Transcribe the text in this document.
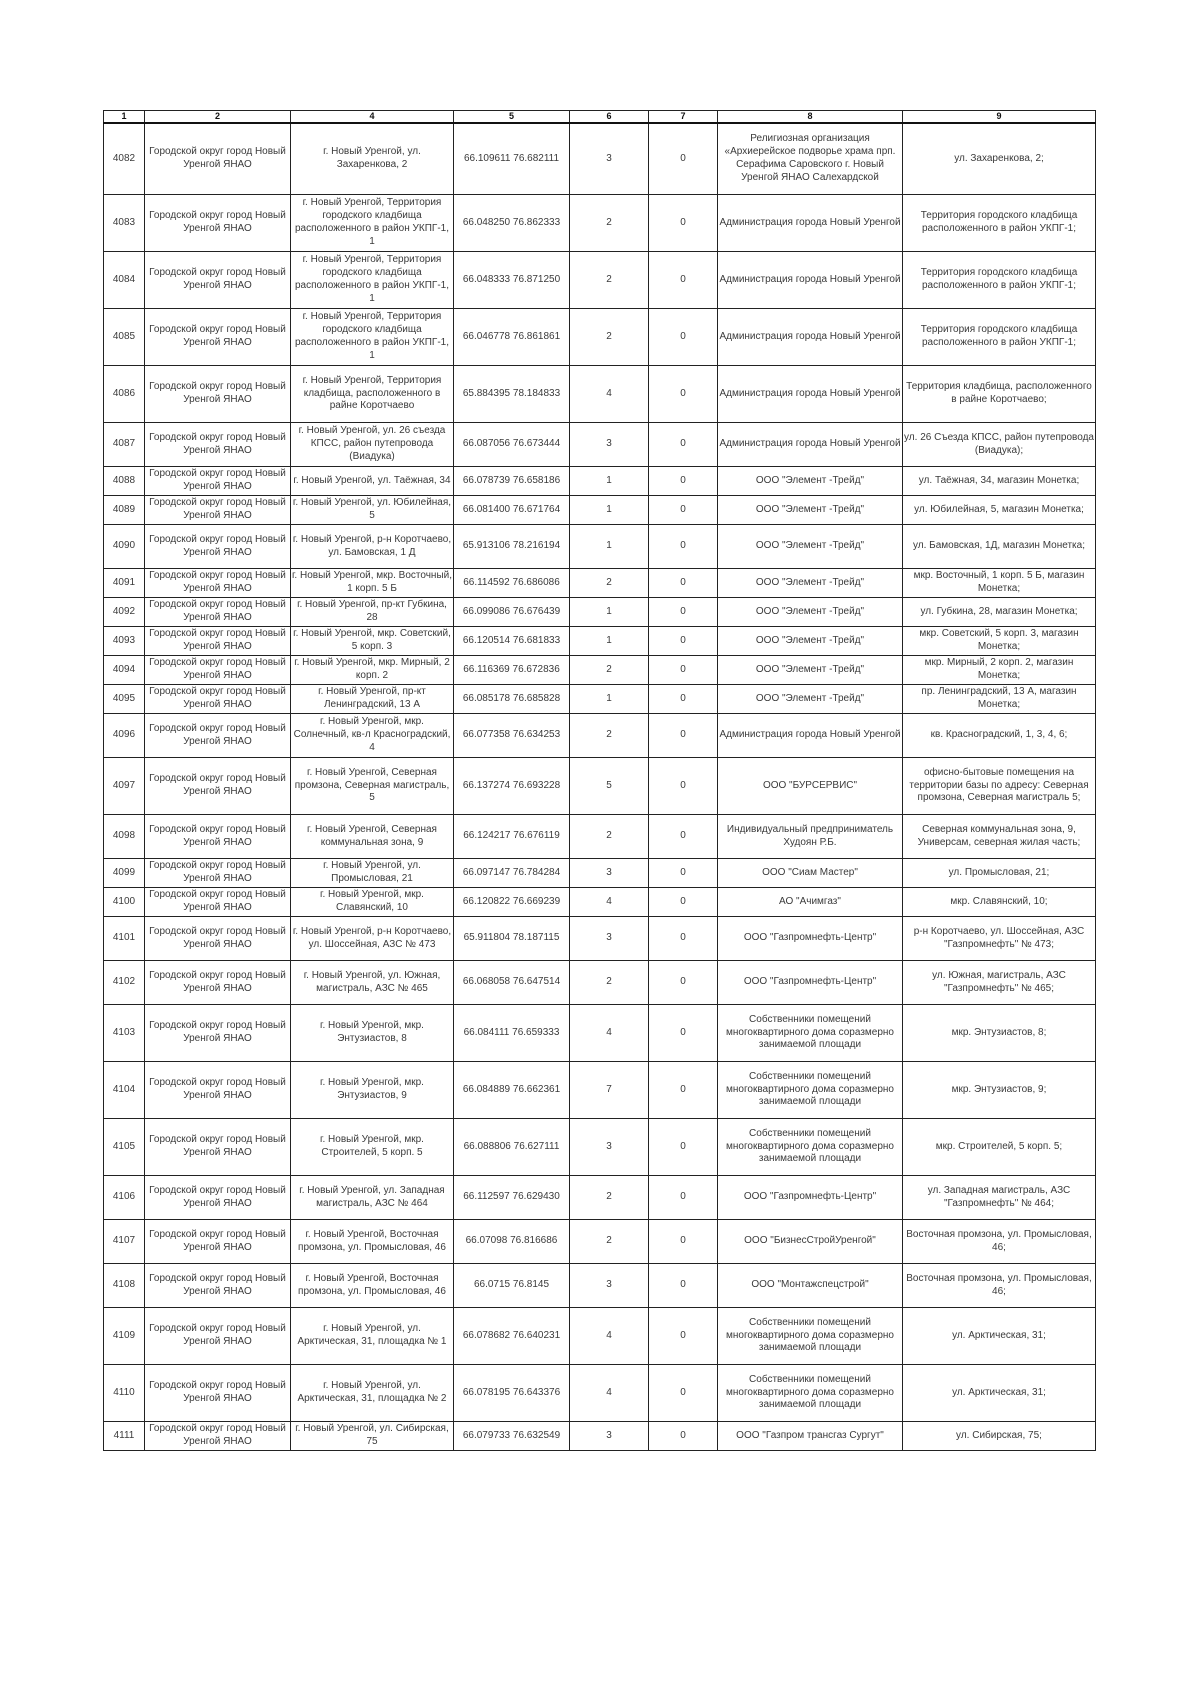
1	2	4	5	6	7	8	9
4082	Городской округ город Новый Уренгой ЯНАО	г. Новый Уренгой, ул. Захаренкова, 2	66.109611 76.682111	3	0	Религиозная организация «Архиерейское подворье храма прп. Серафима Саровского г. Новый Уренгой ЯНАО Салехардской	ул. Захаренкова, 2;
4083	Городской округ город Новый Уренгой ЯНАО	г. Новый Уренгой, Территория городского кладбища расположенного в район УКПГ-1, 1	66.048250 76.862333	2	0	Администрация города Новый Уренгой	Территория городского кладбища расположенного в район УКПГ-1;
4084	Городской округ город Новый Уренгой ЯНАО	г. Новый Уренгой, Территория городского кладбища расположенного в район УКПГ-1, 1	66.048333 76.871250	2	0	Администрация города Новый Уренгой	Территория городского кладбища расположенного в район УКПГ-1;
4085	Городской округ город Новый Уренгой ЯНАО	г. Новый Уренгой, Территория городского кладбища расположенного в район УКПГ-1, 1	66.046778 76.861861	2	0	Администрация города Новый Уренгой	Территория городского кладбища расположенного в район УКПГ-1;
4086	Городской округ город Новый Уренгой ЯНАО	г. Новый Уренгой, Территория кладбища, расположенного в райне Коротчаево	65.884395 78.184833	4	0	Администрация города Новый Уренгой	Территория кладбища, расположенного в райне Коротчаево;
4087	Городской округ город Новый Уренгой ЯНАО	г. Новый Уренгой, ул. 26 съезда КПСС, район путепровода (Виадука)	66.087056 76.673444	3	0	Администрация города Новый Уренгой	ул. 26 Съезда КПСС, район путепровода (Виадука);
4088	Городской округ город Новый Уренгой ЯНАО	г. Новый Уренгой, ул. Таёжная, 34	66.078739 76.658186	1	0	ООО "Элемент -Трейд"	ул. Таёжная, 34, магазин Монетка;
4089	Городской округ город Новый Уренгой ЯНАО	г. Новый Уренгой, ул. Юбилейная, 5	66.081400 76.671764	1	0	ООО "Элемент -Трейд"	ул. Юбилейная, 5, магазин Монетка;
4090	Городской округ город Новый Уренгой ЯНАО	г. Новый Уренгой, р-н Коротчаево, ул. Бамовская, 1 Д	65.913106 78.216194	1	0	ООО "Элемент -Трейд"	ул. Бамовская, 1Д, магазин Монетка;
4091	Городской округ город Новый Уренгой ЯНАО	г. Новый Уренгой, мкр. Восточный, 1 корп. 5 Б	66.114592 76.686086	2	0	ООО "Элемент -Трейд"	мкр. Восточный, 1 корп. 5 Б, магазин Монетка;
4092	Городской округ город Новый Уренгой ЯНАО	г. Новый Уренгой, пр-кт Губкина, 28	66.099086 76.676439	1	0	ООО "Элемент -Трейд"	ул. Губкина, 28, магазин Монетка;
4093	Городской округ город Новый Уренгой ЯНАО	г. Новый Уренгой, мкр. Советский, 5 корп. 3	66.120514 76.681833	1	0	ООО "Элемент -Трейд"	мкр. Советский, 5 корп. 3, магазин Монетка;
4094	Городской округ город Новый Уренгой ЯНАО	г. Новый Уренгой, мкр. Мирный, 2 корп. 2	66.116369 76.672836	2	0	ООО "Элемент -Трейд"	мкр. Мирный, 2 корп. 2, магазин Монетка;
4095	Городской округ город Новый Уренгой ЯНАО	г. Новый Уренгой, пр-кт Ленинградский, 13 А	66.085178 76.685828	1	0	ООО "Элемент -Трейд"	пр. Ленинградский, 13 А, магазин Монетка;
4096	Городской округ город Новый Уренгой ЯНАО	г. Новый Уренгой, мкр. Солнечный, кв-л Красноградский, 4	66.077358 76.634253	2	0	Администрация города Новый Уренгой	кв. Красноградский, 1, 3, 4, 6;
4097	Городской округ город Новый Уренгой ЯНАО	г. Новый Уренгой, Северная промзона, Северная магистраль, 5	66.137274 76.693228	5	0	ООО "БУРСЕРВИС"	офисно-бытовые помещения на территории базы по адресу: Северная промзона, Северная магистраль 5;
4098	Городской округ город Новый Уренгой ЯНАО	г. Новый Уренгой, Северная коммунальная зона, 9	66.124217 76.676119	2	0	Индивидуальный предприниматель Худоян Р.Б.	Северная коммунальная зона, 9, Универсам, северная жилая часть;
4099	Городской округ город Новый Уренгой ЯНАО	г. Новый Уренгой, ул. Промысловая, 21	66.097147 76.784284	3	0	ООО "Сиам Мастер"	ул. Промысловая, 21;
4100	Городской округ город Новый Уренгой ЯНАО	г. Новый Уренгой, мкр. Славянский, 10	66.120822 76.669239	4	0	АО "Ачимгаз"	мкр. Славянский, 10;
4101	Городской округ город Новый Уренгой ЯНАО	г. Новый Уренгой, р-н Коротчаево, ул. Шоссейная, АЗС № 473	65.911804 78.187115	3	0	ООО "Газпромнефть-Центр"	р-н Коротчаево, ул. Шоссейная, АЗС "Газпромнефть" № 473;
4102	Городской округ город Новый Уренгой ЯНАО	г. Новый Уренгой, ул. Южная, магистраль, АЗС № 465	66.068058 76.647514	2	0	ООО "Газпромнефть-Центр"	ул. Южная, магистраль, АЗС "Газпромнефть" № 465;
4103	Городской округ город Новый Уренгой ЯНАО	г. Новый Уренгой, мкр. Энтузиастов, 8	66.084111 76.659333	4	0	Собственники помещений многоквартирного дома соразмерно занимаемой площади	мкр. Энтузиастов, 8;
4104	Городской округ город Новый Уренгой ЯНАО	г. Новый Уренгой, мкр. Энтузиастов, 9	66.084889 76.662361	7	0	Собственники помещений многоквартирного дома соразмерно занимаемой площади	мкр. Энтузиастов, 9;
4105	Городской округ город Новый Уренгой ЯНАО	г. Новый Уренгой, мкр. Строителей, 5 корп. 5	66.088806 76.627111	3	0	Собственники помещений многоквартирного дома соразмерно занимаемой площади	мкр. Строителей, 5 корп. 5;
4106	Городской округ город Новый Уренгой ЯНАО	г. Новый Уренгой, ул. Западная магистраль, АЗС № 464	66.112597 76.629430	2	0	ООО "Газпромнефть-Центр"	ул. Западная магистраль, АЗС "Газпромнефть" № 464;
4107	Городской округ город Новый Уренгой ЯНАО	г. Новый Уренгой, Восточная промзона, ул. Промысловая, 46	66.07098 76.816686	2	0	ООО "БизнесСтройУренгой"	Восточная промзона, ул. Промысловая, 46;
4108	Городской округ город Новый Уренгой ЯНАО	г. Новый Уренгой, Восточная промзона, ул. Промысловая, 46	66.0715 76.8145	3	0	ООО "Монтажспецстрой"	Восточная промзона, ул. Промысловая, 46;
4109	Городской округ город Новый Уренгой ЯНАО	г. Новый Уренгой, ул. Арктическая, 31, площадка № 1	66.078682 76.640231	4	0	Собственники помещений многоквартирного дома соразмерно занимаемой площади	ул. Арктическая, 31;
4110	Городской округ город Новый Уренгой ЯНАО	г. Новый Уренгой, ул. Арктическая, 31, площадка № 2	66.078195 76.643376	4	0	Собственники помещений многоквартирного дома соразмерно занимаемой площади	ул. Арктическая, 31;
4111	Городской округ город Новый Уренгой ЯНАО	г. Новый Уренгой, ул. Сибирская, 75	66.079733 76.632549	3	0	ООО "Газпром трансгаз Сургут"	ул. Сибирская, 75;
